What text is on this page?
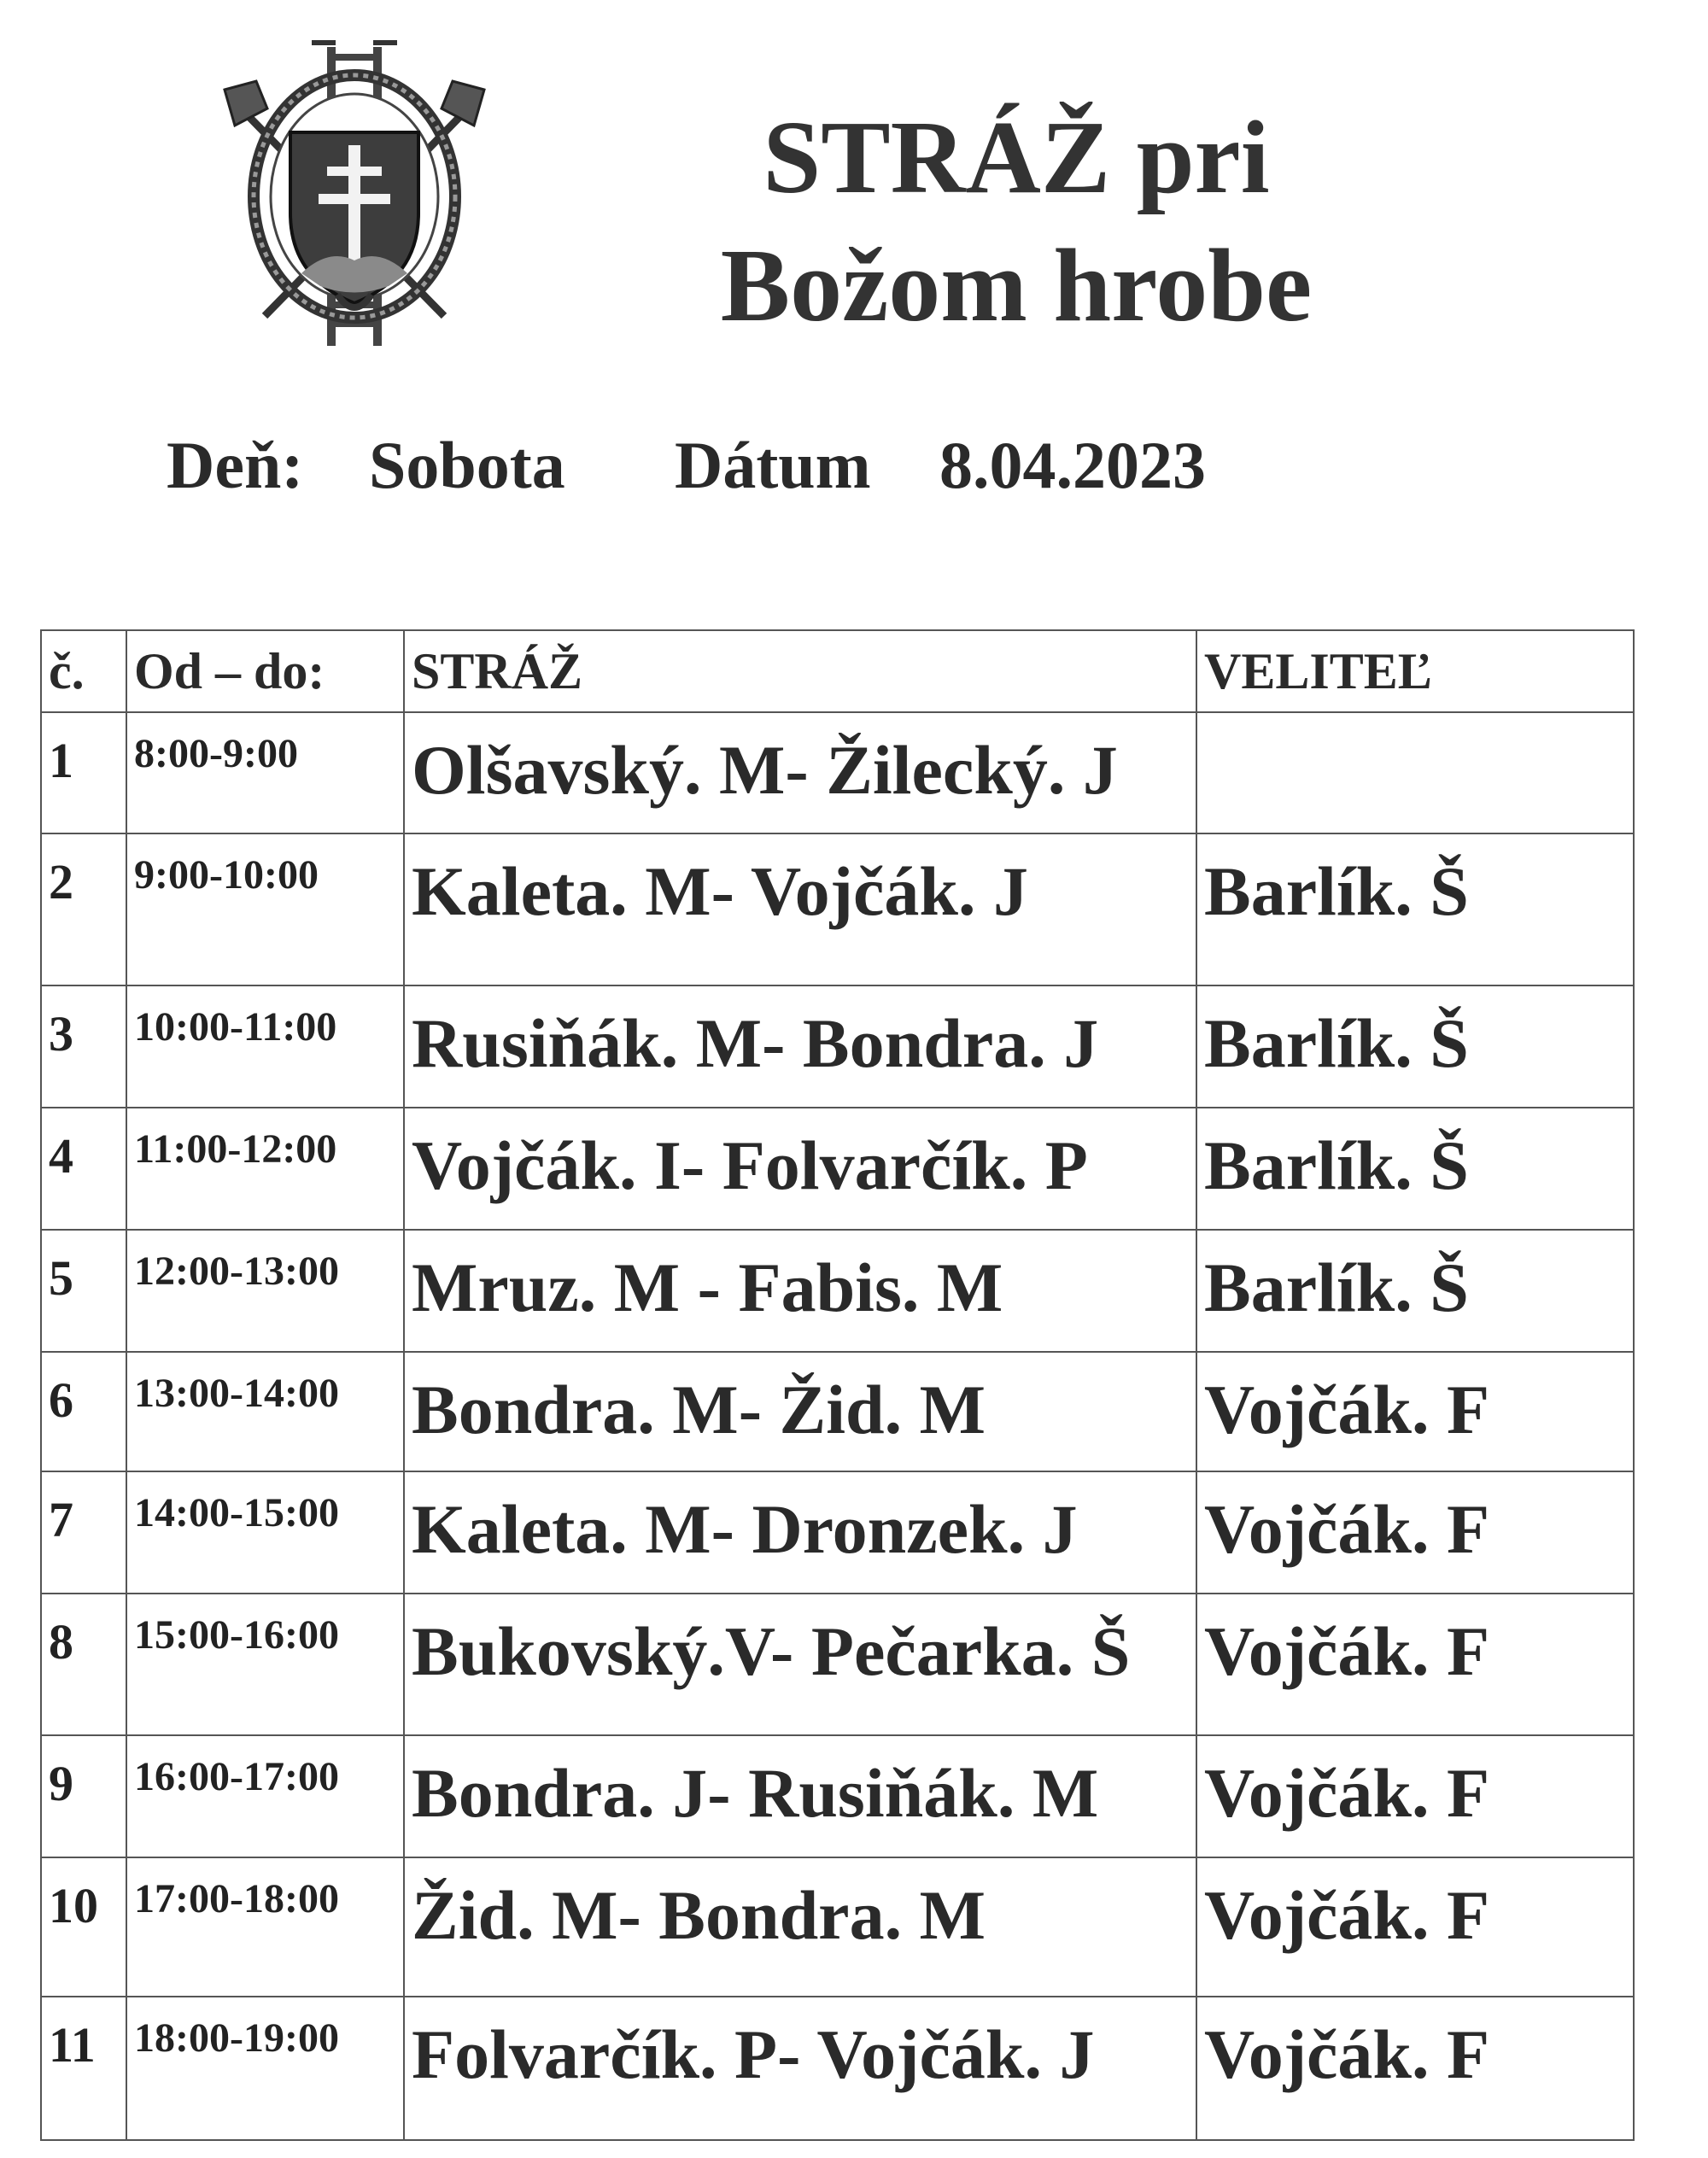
STRÁŽ pri
Božom hrobe
Deň: Sobota Dátum 8.04.2023
č.	Od – do:	STRÁŽ	VELITEĽ
1	8:00-9:00	Olšavský. M- Žilecký. J	
2	9:00-10:00	Kaleta. M- Vojčák. J	Barlík. Š
3	10:00-11:00	Rusiňák. M- Bondra. J	Barlík. Š
4	11:00-12:00	Vojčák. I- Folvarčík. P	Barlík. Š
5	12:00-13:00	Mruz. M - Fabis. M	Barlík. Š
6	13:00-14:00	Bondra. M- Žid. M	Vojčák. F
7	14:00-15:00	Kaleta. M- Dronzek. J	Vojčák. F
8	15:00-16:00	Bukovský.V- Pečarka. Š	Vojčák. F
9	16:00-17:00	Bondra. J- Rusiňák. M	Vojčák. F
10	17:00-18:00	Žid. M- Bondra. M	Vojčák. F
11	18:00-19:00	Folvarčík. P- Vojčák. J	Vojčák. F
